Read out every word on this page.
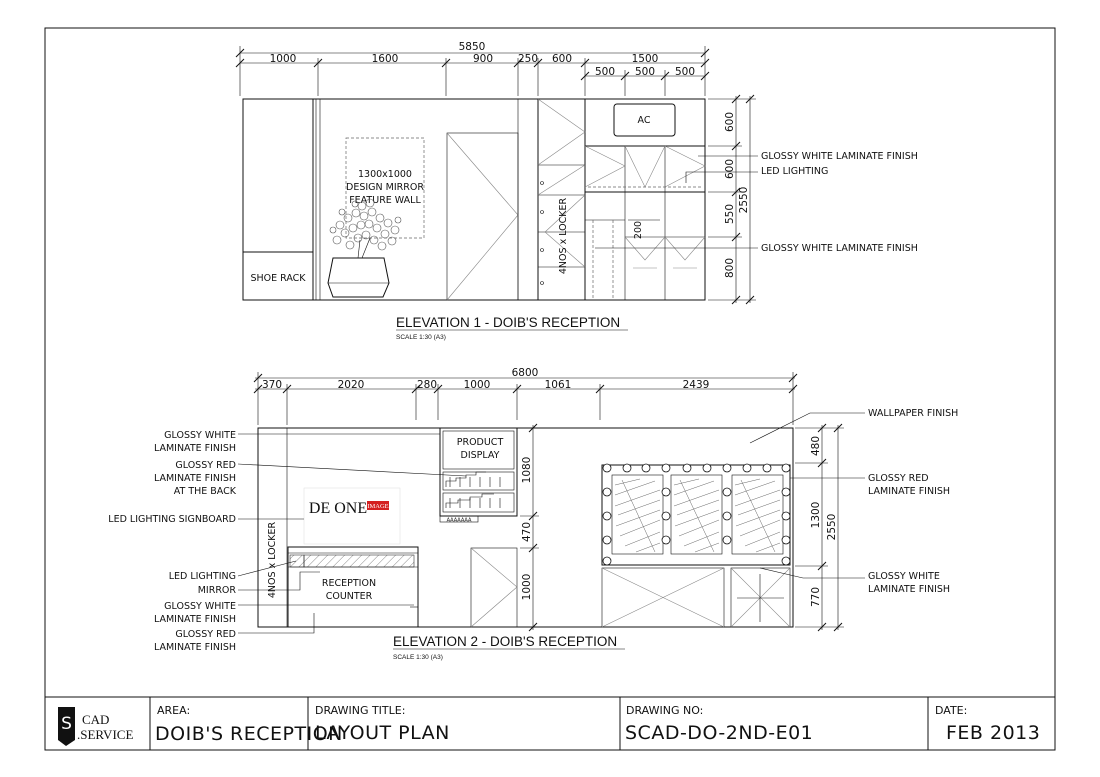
5850
1000	1600	900 250 600	1500
500 500 500
SHOE RACK
1300x1000
DESIGN MIRROR
FEATURE WALL	4NOS x LOCKER
AC
200
600
600
550
800
2550
GLOSSY WHITE LAMINATE FINISH
LED LIGHTING
GLOSSY WHITE LAMINATE FINISH
ELEVATION 1 - DOIB'S RECEPTION
SCALE 1:30 (A3)
6800
370	2020	280	1000	1061	2439
4NOS x LOCKER
DE ONE IMAGE
PRODUCT
DISPLAY
AAAAAAA
RECEPTION
COUNTER
1080
470
1000
480
1300
770
2550
GLOSSY WHITE
LAMINATE FINISH
GLOSSY RED
LAMINATE FINISH
AT THE BACK
LED LIGHTING SIGNBOARD
LED LIGHTING
MIRROR
GLOSSY WHITE
LAMINATE FINISH
GLOSSY RED
LAMINATE FINISH
WALLPAPER FINISH
GLOSSY RED
LAMINATE FINISH
GLOSSY WHITE
LAMINATE FINISH
ELEVATION 2 - DOIB'S RECEPTION
SCALE 1:30 (A3)
S CAD
.SERVICE
AREA:
DOIB'S RECEPTION
DRAWING TITLE:
LAYOUT PLAN
DRAWING NO:
SCAD-DO-2ND-E01
DATE:
FEB 2013
